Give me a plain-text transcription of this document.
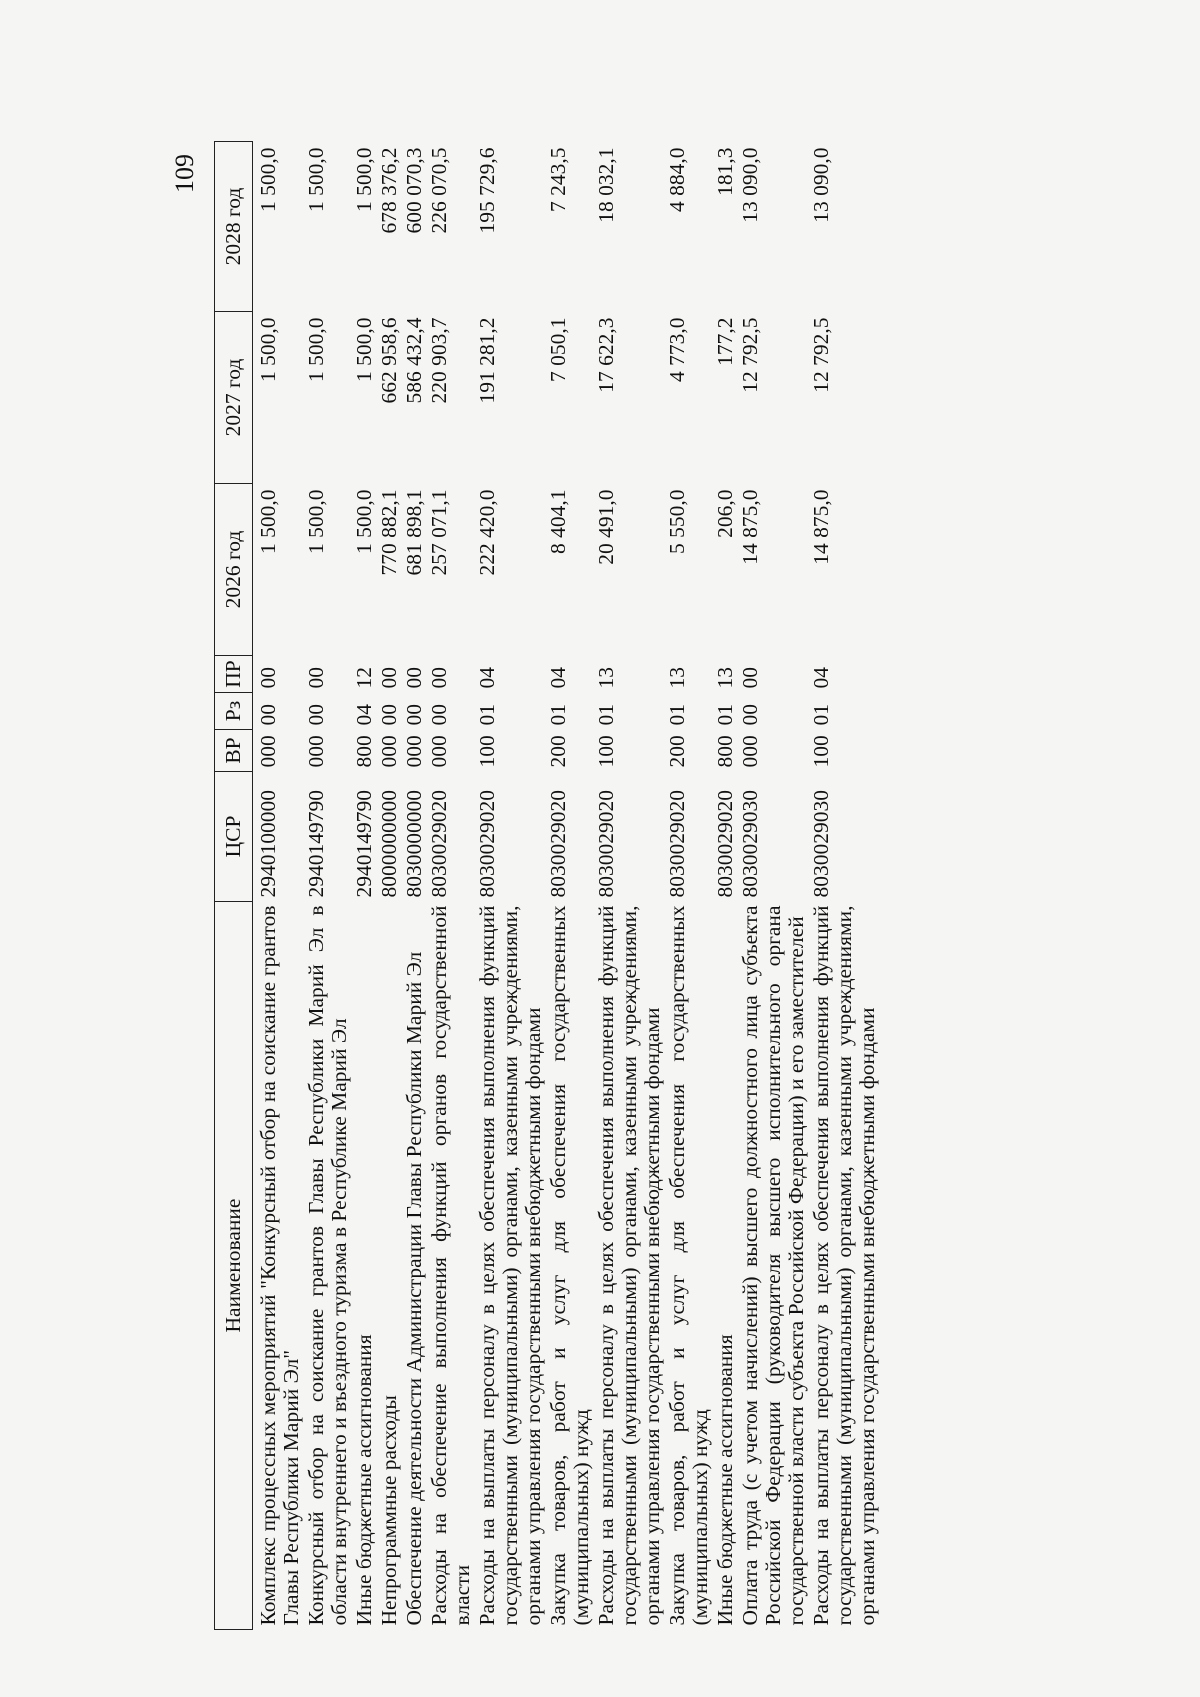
109
Наименование	ЦСР	ВР	Рз	ПР	2026 год	2027 год	2028 год
Комплекс процессных мероприятий "Конкурсный отбор на соискание грантов Главы Республики Марий Эл"	2940100000	000	00	00	1 500,0	1 500,0	1 500,0
Конкурсный отбор на соискание грантов Главы Республики Марий Эл в области внутреннего и въездного туризма в Республике Марий Эл	2940149790	000	00	00	1 500,0	1 500,0	1 500,0
Иные бюджетные ассигнования	2940149790	800	04	12	1 500,0	1 500,0	1 500,0
Непрограммные расходы	8000000000	000	00	00	770 882,1	662 958,6	678 376,2
Обеспечение деятельности Администрации Главы Республики Марий Эл	8030000000	000	00	00	681 898,1	586 432,4	600 070,3
Расходы на обеспечение выполнения функций органов государственной власти	8030029020	000	00	00	257 071,1	220 903,7	226 070,5
Расходы на выплаты персоналу в целях обеспечения выполнения функций государственными (муниципальными) органами, казенными учреждениями, органами управления государственными внебюджетными фондами	8030029020	100	01	04	222 420,0	191 281,2	195 729,6
Закупка товаров, работ и услуг для обеспечения государственных (муниципальных) нужд	8030029020	200	01	04	8 404,1	7 050,1	7 243,5
Расходы на выплаты персоналу в целях обеспечения выполнения функций государственными (муниципальными) органами, казенными учреждениями, органами управления государственными внебюджетными фондами	8030029020	100	01	13	20 491,0	17 622,3	18 032,1
Закупка товаров, работ и услуг для обеспечения государственных (муниципальных) нужд	8030029020	200	01	13	5 550,0	4 773,0	4 884,0
Иные бюджетные ассигнования	8030029020	800	01	13	206,0	177,2	181,3
Оплата труда (с учетом начислений) высшего должностного лица субъекта Российской Федерации (руководителя высшего исполнительного органа государственной власти субъекта Российской Федерации) и его заместителей	8030029030	000	00	00	14 875,0	12 792,5	13 090,0
Расходы на выплаты персоналу в целях обеспечения выполнения функций государственными (муниципальными) органами, казенными учреждениями, органами управления государственными внебюджетными фондами	8030029030	100	01	04	14 875,0	12 792,5	13 090,0
